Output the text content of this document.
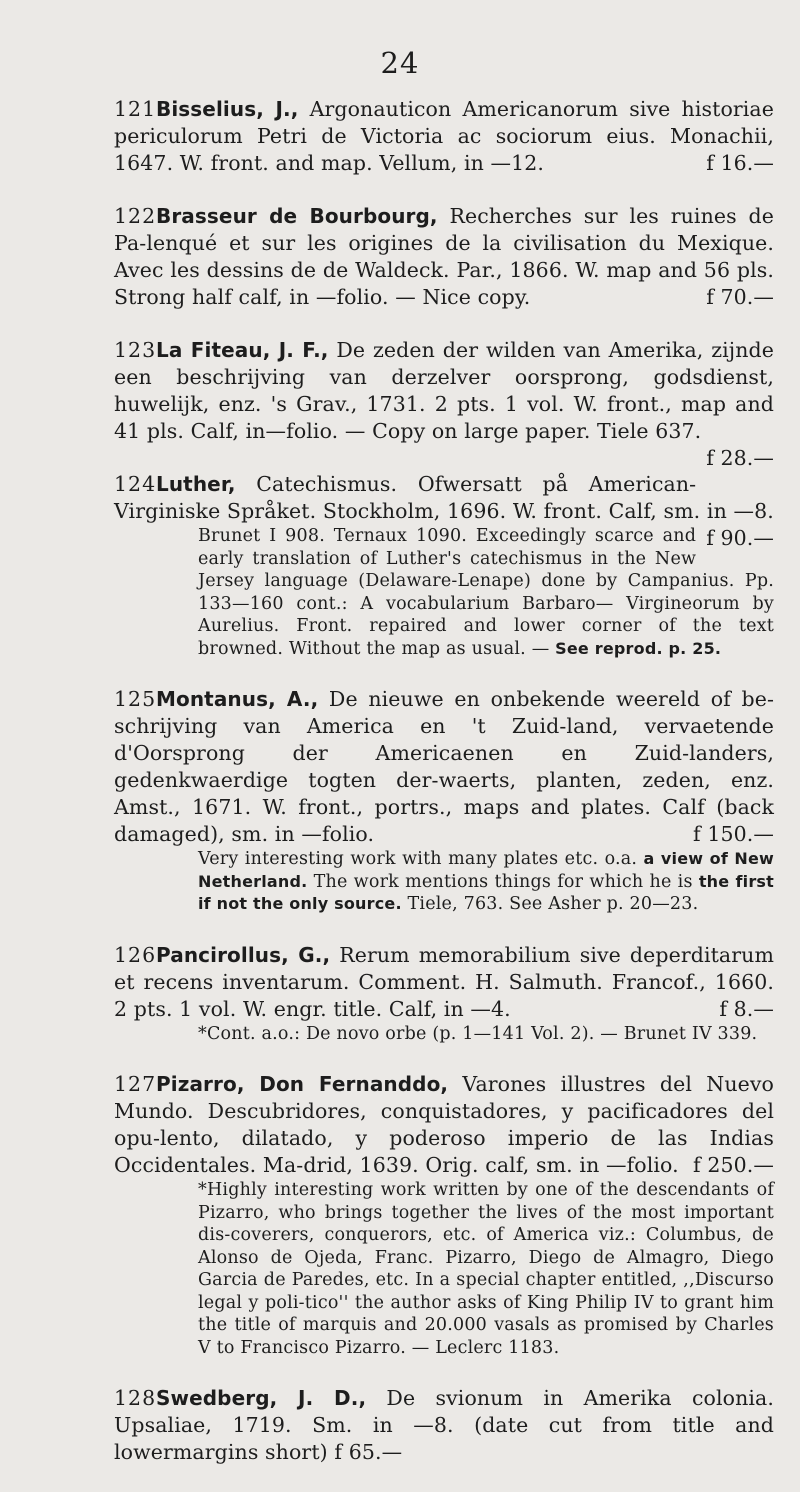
24

121Bisselius, J., Argonauticon Americanorum sive historiae periculorum Petri de Victoria ac sociorum eius. Monachii, 1647. W. front. and map. Vellum, in —12.	f 16.—

122Brasseur de Bourbourg, Recherches sur les ruines de Pa-lenqué et sur les origines de la civilisation du Mexique. Avec les dessins de de Waldeck. Par., 1866. W. map and 56 pls. Strong half calf, in —folio. — Nice copy.	f 70.—

123La Fiteau, J. F., De zeden der wilden van Amerika, zijnde een beschrijving van derzelver oorsprong, godsdienst, huwelijk, enz. 's Grav., 1731. 2 pts. 1 vol. W. front., map and 41 pls. Calf, in—folio. — Copy on large paper. Tiele 637.
f 28.—

124Luther, Catechismus. Ofwersatt på American-Virginiske Språket. Stockholm, 1696. W. front. Calf, sm. in —8.
f 90.—

Brunet I 908. Ternaux 1090. Exceedingly scarce and early translation of Luther's catechismus in the New Jersey language (Delaware-Lenape) done by Campanius. Pp. 133—160 cont.: A vocabularium Barbaro— Virgineorum by Aurelius. Front. repaired and lower corner of the text browned. Without the map as usual. — See reprod. p. 25.

125Montanus, A., De nieuwe en onbekende weereld of be-schrijving van America en 't Zuid-land, vervaetende d'Oorsprong der Americaenen en Zuid-landers, gedenkwaerdige togten der-waerts, planten, zeden, enz. Amst., 1671. W. front., portrs., maps and plates. Calf (back damaged), sm. in —folio.	f 150.—

Very interesting work with many plates etc. o.a. a view of New Netherland. The work mentions things for which he is the first if not the only source. Tiele, 763. See Asher p. 20—23.

126Pancirollus, G., Rerum memorabilium sive deperditarum et recens inventarum. Comment. H. Salmuth. Francof., 1660. 2 pts. 1 vol. W. engr. title. Calf, in —4.	f 8.—

*Cont. a.o.: De novo orbe (p. 1—141 Vol. 2). — Brunet IV 339.

127Pizarro, Don Fernanddo, Varones illustres del Nuevo Mundo. Descubridores, conquistadores, y pacificadores del opu-lento, dilatado, y poderoso imperio de las Indias Occidentales. Ma-drid, 1639. Orig. calf, sm. in —folio. f 250.—

*Highly interesting work written by one of the descendants of Pizarro, who brings together the lives of the most important dis-coverers, conquerors, etc. of America viz.: Columbus, de Alonso de Ojeda, Franc. Pizarro, Diego de Almagro, Diego Garcia de Paredes, etc. In a special chapter entitled, ,,Discurso legal y poli-tico'' the author asks of King Philip IV to grant him the title of marquis and 20.000 vasals as promised by Charles V to Francisco Pizarro. — Leclerc 1183.

128Swedberg, J. D., De svionum in Amerika colonia. Upsaliae, 1719. Sm. in —8. (date cut from title and lowermargins short) f 65.—
